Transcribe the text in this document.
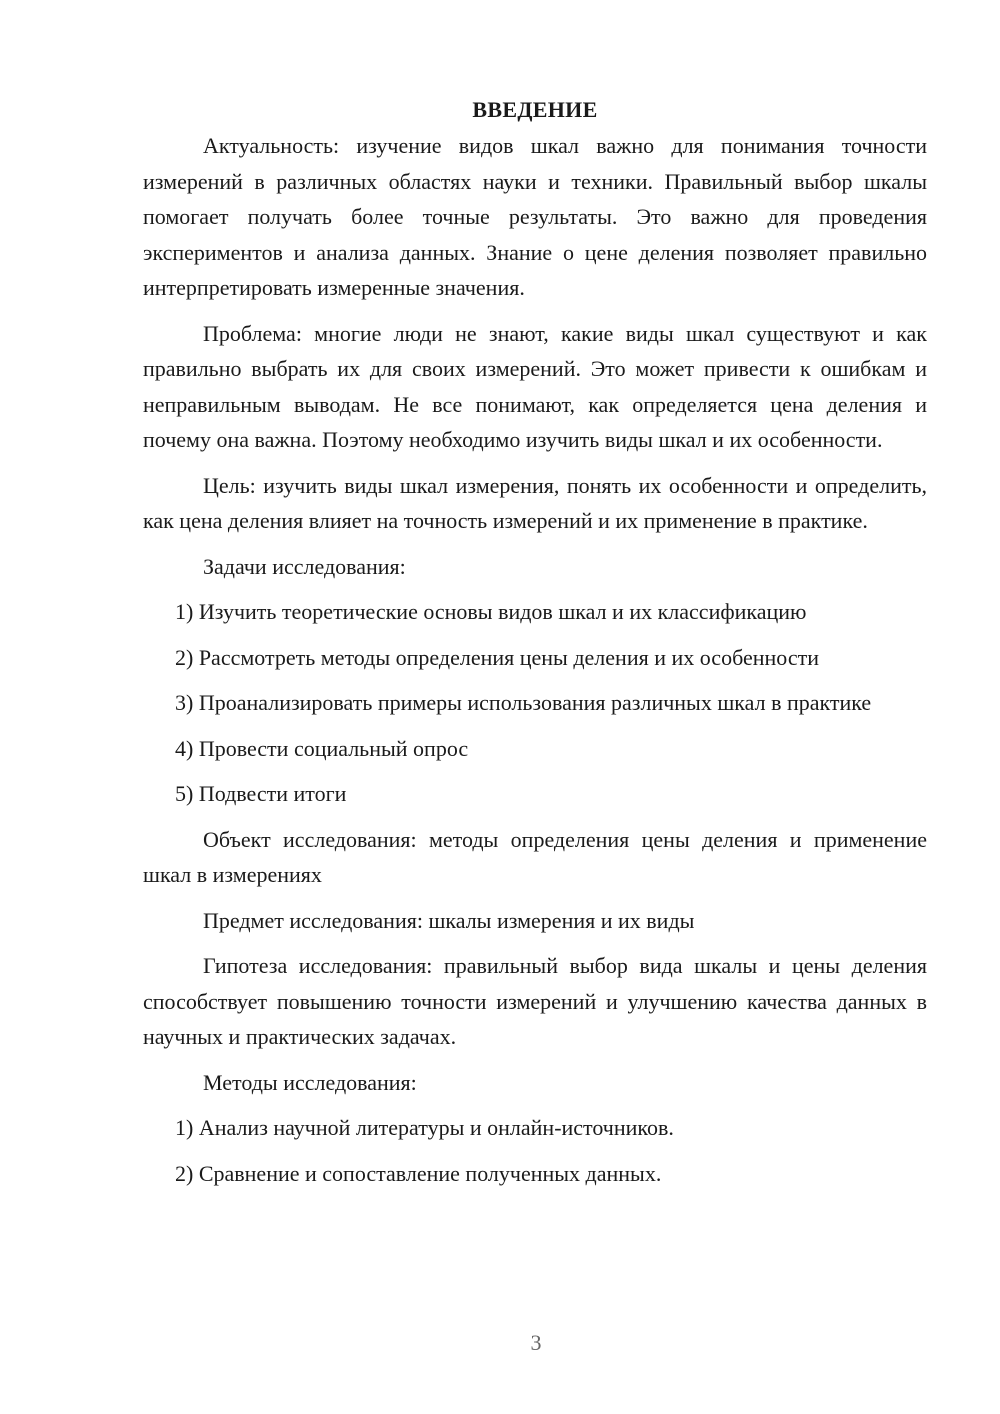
ВВЕДЕНИЕ

Актуальность: изучение видов шкал важно для понимания точности измерений в различных областях науки и техники. Правильный выбор шкалы помогает получать более точные результаты. Это важно для проведения экспериментов и анализа данных. Знание о цене деления позволяет правильно интерпретировать измеренные значения.

Проблема: многие люди не знают, какие виды шкал существуют и как правильно выбрать их для своих измерений. Это может привести к ошибкам и неправильным выводам. Не все понимают, как определяется цена деления и почему она важна. Поэтому необходимо изучить виды шкал и их особенности.

Цель: изучить виды шкал измерения, понять их особенности и определить, как цена деления влияет на точность измерений и их применение в практике.

Задачи исследования:

1) Изучить теоретические основы видов шкал и их классификацию

2) Рассмотреть методы определения цены деления и их особенности

3) Проанализировать примеры использования различных шкал в практике

4) Провести социальный опрос

5) Подвести итоги

Объект исследования: методы определения цены деления и применение шкал в измерениях

Предмет исследования: шкалы измерения и их виды

Гипотеза исследования: правильный выбор вида шкалы и цены деления способствует повышению точности измерений и улучшению качества данных в научных и практических задачах.

Методы исследования:

1) Анализ научной литературы и онлайн-источников.

2) Сравнение и сопоставление полученных данных.

3
